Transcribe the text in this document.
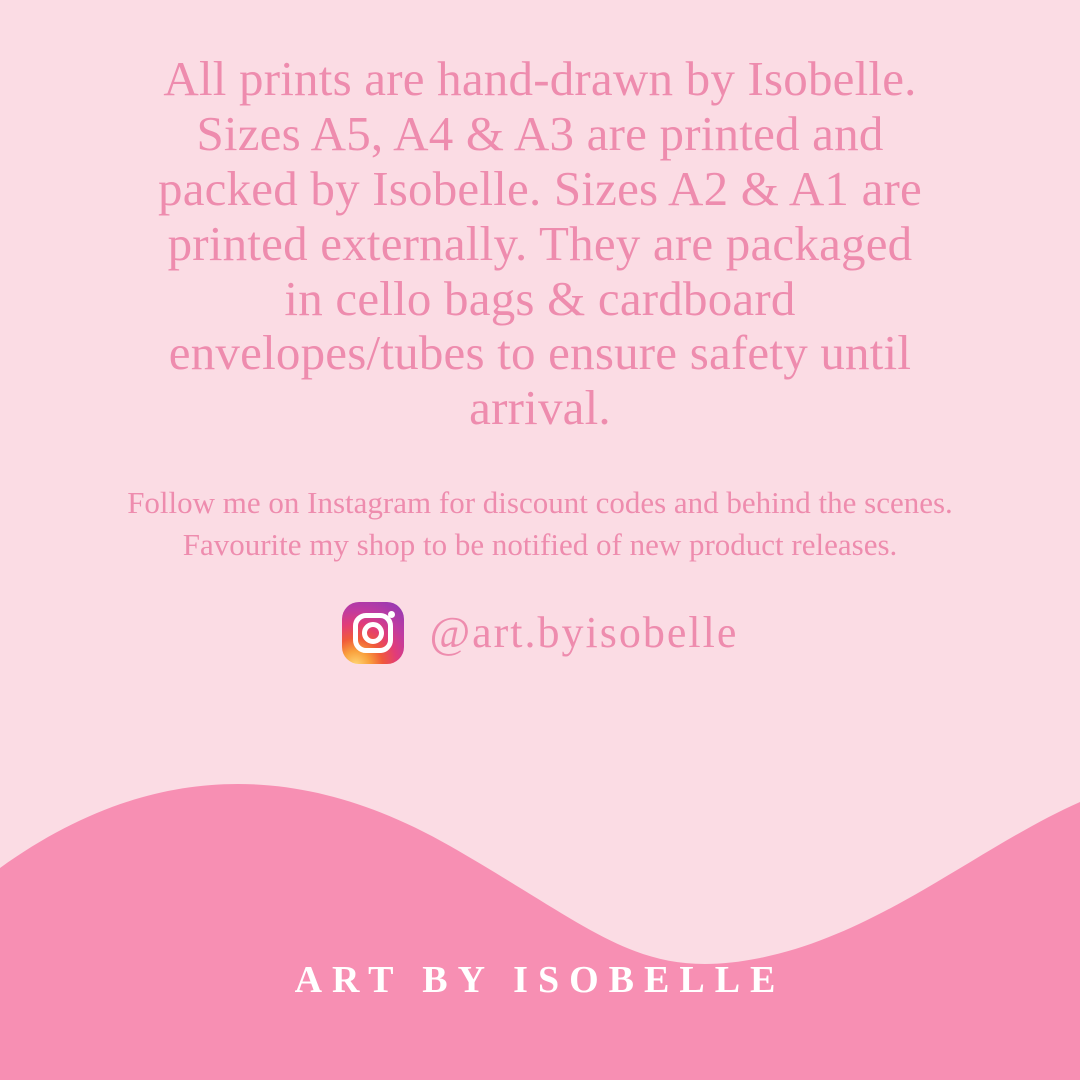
All prints are hand-drawn by Isobelle. Sizes A5, A4 & A3 are printed and packed by Isobelle. Sizes A2 & A1 are printed externally. They are packaged in cello bags & cardboard envelopes/tubes to ensure safety until arrival.

Follow me on Instagram for discount codes and behind the scenes. Favourite my shop to be notified of new product releases.

@art.byisobelle
ART BY ISOBELLE
